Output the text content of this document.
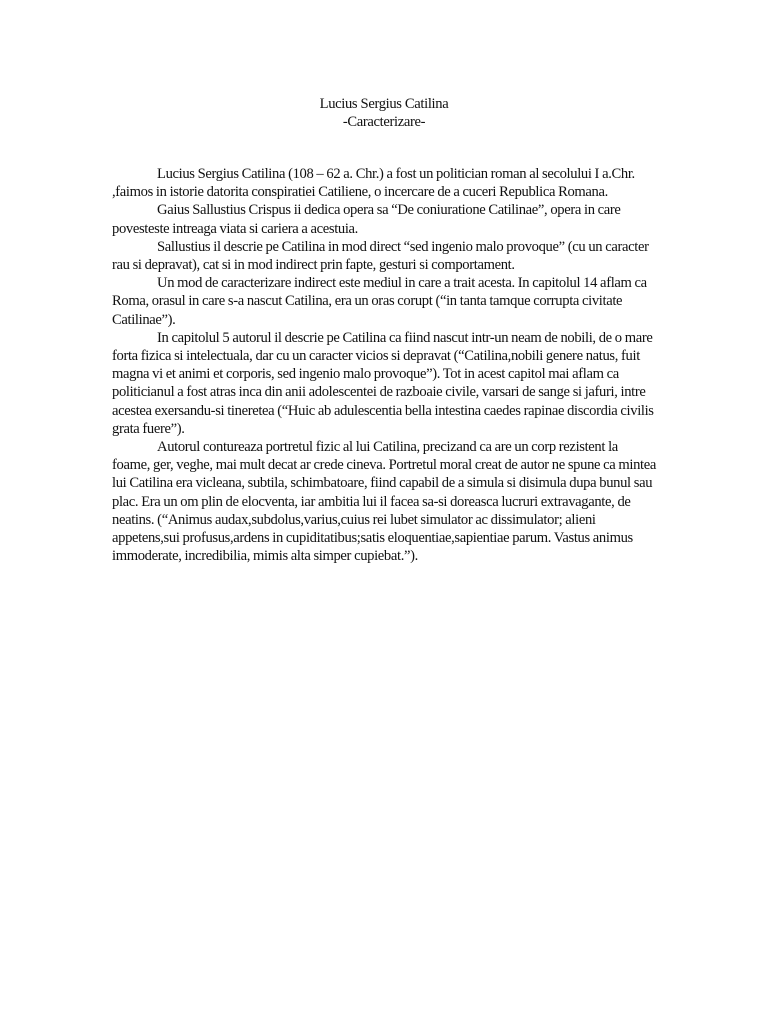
Lucius Sergius Catilina
-Caracterizare-

Lucius Sergius Catilina (108 – 62 a. Chr.) a fost un politician roman al secolului I a.Chr. ,faimos in istorie datorita conspiratiei Catiliene, o incercare de a cuceri Republica Romana.

Gaius Sallustius Crispus ii dedica opera sa “De coniuratione Catilinae”, opera in care povesteste intreaga viata si cariera a acestuia.

Sallustius il descrie pe Catilina in mod direct “sed ingenio malo provoque” (cu un caracter rau si depravat), cat si in mod indirect prin fapte, gesturi si comportament.

Un mod de caracterizare indirect este mediul in care a trait acesta. In capitolul 14 aflam ca Roma, orasul in care s-a nascut Catilina, era un oras corupt (“in tanta tamque corrupta civitate Catilinae”).

In capitolul 5 autorul il descrie pe Catilina ca fiind nascut intr-un neam de nobili, de o mare forta fizica si intelectuala, dar cu un caracter vicios si depravat (“Catilina,nobili genere natus, fuit magna vi et animi et corporis, sed ingenio malo provoque”). Tot in acest capitol mai aflam ca politicianul a fost atras inca din anii adolescentei de razboaie civile, varsari de sange si jafuri, intre acestea exersandu-si tineretea (“Huic ab adulescentia bella intestina caedes rapinae discordia civilis grata fuere”).

Autorul contureaza portretul fizic al lui Catilina, precizand ca are un corp rezistent la foame, ger, veghe, mai mult decat ar crede cineva. Portretul moral creat de autor ne spune ca mintea lui Catilina era vicleana, subtila, schimbatoare, fiind capabil de a simula si disimula dupa bunul sau plac. Era un om plin de elocventa, iar ambitia lui il facea sa-si doreasca lucruri extravagante, de neatins. (“Animus audax,subdolus,varius,cuius rei lubet simulator ac dissimulator; alieni appetens,sui profusus,ardens in cupiditatibus;satis eloquentiae,sapientiae parum. Vastus animus immoderate, incredibilia, mimis alta simper cupiebat.”).
